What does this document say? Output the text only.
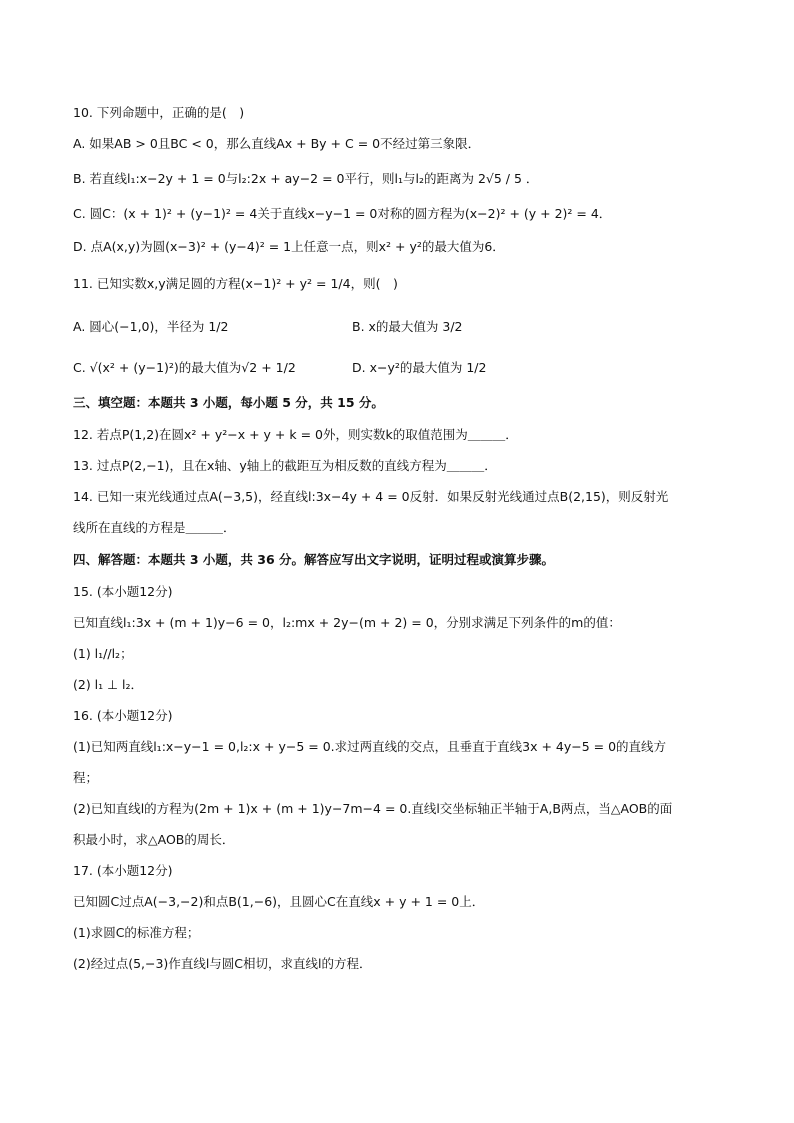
10. 下列命题中，正确的是(　)
A. 如果AB > 0且BC < 0，那么直线Ax + By + C = 0不经过第三象限．
B. 若直线l₁:x−2y + 1 = 0与l₂:2x + ay−2 = 0平行，则l₁与l₂的距离为 2√5 / 5 ．
C. 圆C：(x + 1)² + (y−1)² = 4关于直线x−y−1 = 0对称的圆方程为(x−2)² + (y + 2)² = 4．
D. 点A(x,y)为圆(x−3)² + (y−4)² = 1上任意一点，则x² + y²的最大值为6．
11. 已知实数x,y满足圆的方程(x−1)² + y² = 1/4，则(　)
A. 圆心(−1,0)，半径为 1/2	B. x的最大值为 3/2
C. √(x² + (y−1)²)的最大值为√2 + 1/2	D. x−y²的最大值为 1/2
三、填空题：本题共 3 小题，每小题 5 分，共 15 分。
12. 若点P(1,2)在圆x² + y²−x + y + k = 0外，则实数k的取值范围为＿＿＿．
13. 过点P(2,−1)，且在x轴、y轴上的截距互为相反数的直线方程为＿＿＿．
14. 已知一束光线通过点A(−3,5)，经直线l:3x−4y + 4 = 0反射．如果反射光线通过点B(2,15)，则反射光
线所在直线的方程是＿＿＿．
四、解答题：本题共 3 小题，共 36 分。解答应写出文字说明，证明过程或演算步骤。
15. (本小题12分)
已知直线l₁:3x + (m + 1)y−6 = 0，l₂:mx + 2y−(m + 2) = 0，分别求满足下列条件的m的值：
(1) l₁//l₂；
(2) l₁ ⊥ l₂．
16. (本小题12分)
(1)已知两直线l₁:x−y−1 = 0,l₂:x + y−5 = 0.求过两直线的交点，且垂直于直线3x + 4y−5 = 0的直线方
程；
(2)已知直线l的方程为(2m + 1)x + (m + 1)y−7m−4 = 0.直线l交坐标轴正半轴于A,B两点，当△AOB的面
积最小时，求△AOB的周长．
17. (本小题12分)
已知圆C过点A(−3,−2)和点B(1,−6)，且圆心C在直线x + y + 1 = 0上．
(1)求圆C的标准方程；
(2)经过点(5,−3)作直线l与圆C相切，求直线l的方程．
